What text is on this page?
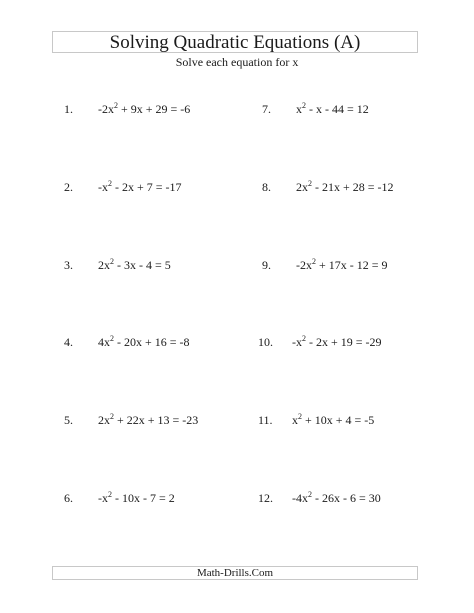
Solving Quadratic Equations (A)
Solve each equation for x
1. $-2x^2 + 9x + 29 = -6$
2. $-x^2 - 2x + 7 = -17$
3. $2x^2 - 3x - 4 = 5$
4. $4x^2 - 20x + 16 = -8$
5. $2x^2 + 22x + 13 = -23$
6. $-x^2 - 10x - 7 = 2$
7. $x^2 - x - 44 = 12$
8. $2x^2 - 21x + 28 = -12$
9. $-2x^2 + 17x - 12 = 9$
10. $-x^2 - 2x + 19 = -29$
11. $x^2 + 10x + 4 = -5$
12. $-4x^2 - 26x - 6 = 30$
Math-Drills.Com
